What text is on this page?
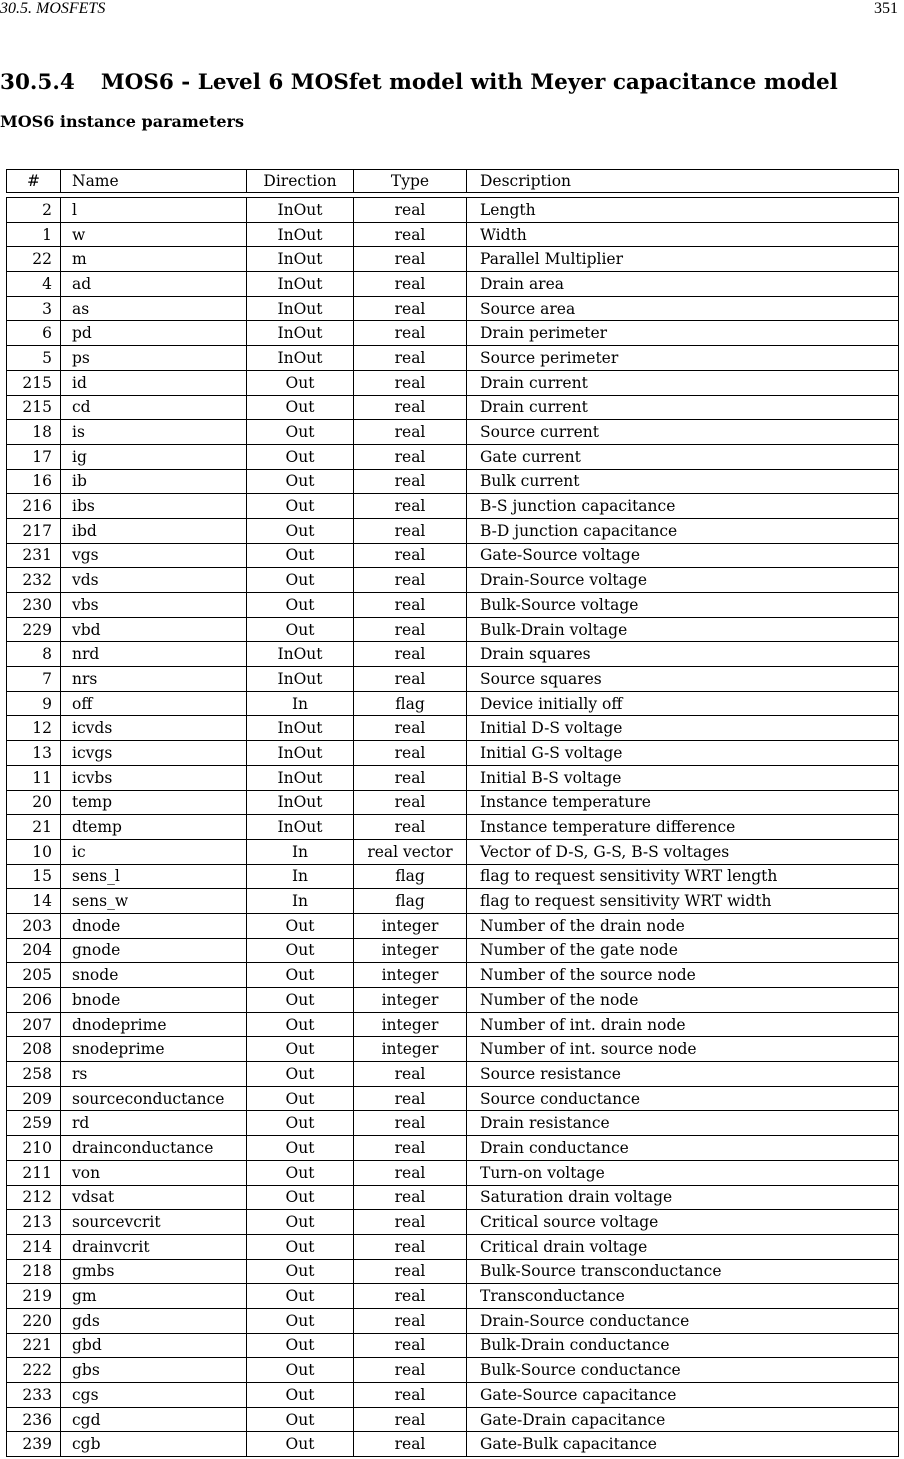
30.5. MOSFETS	351
30.5.4 MOS6 - Level 6 MOSfet model with Meyer capacitance model
MOS6 instance parameters
#	Name	Direction	Type	Description
2	l	InOut	real	Length
1	w	InOut	real	Width
22	m	InOut	real	Parallel Multiplier
4	ad	InOut	real	Drain area
3	as	InOut	real	Source area
6	pd	InOut	real	Drain perimeter
5	ps	InOut	real	Source perimeter
215	id	Out	real	Drain current
215	cd	Out	real	Drain current
18	is	Out	real	Source current
17	ig	Out	real	Gate current
16	ib	Out	real	Bulk current
216	ibs	Out	real	B-S junction capacitance
217	ibd	Out	real	B-D junction capacitance
231	vgs	Out	real	Gate-Source voltage
232	vds	Out	real	Drain-Source voltage
230	vbs	Out	real	Bulk-Source voltage
229	vbd	Out	real	Bulk-Drain voltage
8	nrd	InOut	real	Drain squares
7	nrs	InOut	real	Source squares
9	off	In	flag	Device initially off
12	icvds	InOut	real	Initial D-S voltage
13	icvgs	InOut	real	Initial G-S voltage
11	icvbs	InOut	real	Initial B-S voltage
20	temp	InOut	real	Instance temperature
21	dtemp	InOut	real	Instance temperature difference
10	ic	In	real vector	Vector of D-S, G-S, B-S voltages
15	sens_l	In	flag	flag to request sensitivity WRT length
14	sens_w	In	flag	flag to request sensitivity WRT width
203	dnode	Out	integer	Number of the drain node
204	gnode	Out	integer	Number of the gate node
205	snode	Out	integer	Number of the source node
206	bnode	Out	integer	Number of the node
207	dnodeprime	Out	integer	Number of int. drain node
208	snodeprime	Out	integer	Number of int. source node
258	rs	Out	real	Source resistance
209	sourceconductance	Out	real	Source conductance
259	rd	Out	real	Drain resistance
210	drainconductance	Out	real	Drain conductance
211	von	Out	real	Turn-on voltage
212	vdsat	Out	real	Saturation drain voltage
213	sourcevcrit	Out	real	Critical source voltage
214	drainvcrit	Out	real	Critical drain voltage
218	gmbs	Out	real	Bulk-Source transconductance
219	gm	Out	real	Transconductance
220	gds	Out	real	Drain-Source conductance
221	gbd	Out	real	Bulk-Drain conductance
222	gbs	Out	real	Bulk-Source conductance
233	cgs	Out	real	Gate-Source capacitance
236	cgd	Out	real	Gate-Drain capacitance
239	cgb	Out	real	Gate-Bulk capacitance
